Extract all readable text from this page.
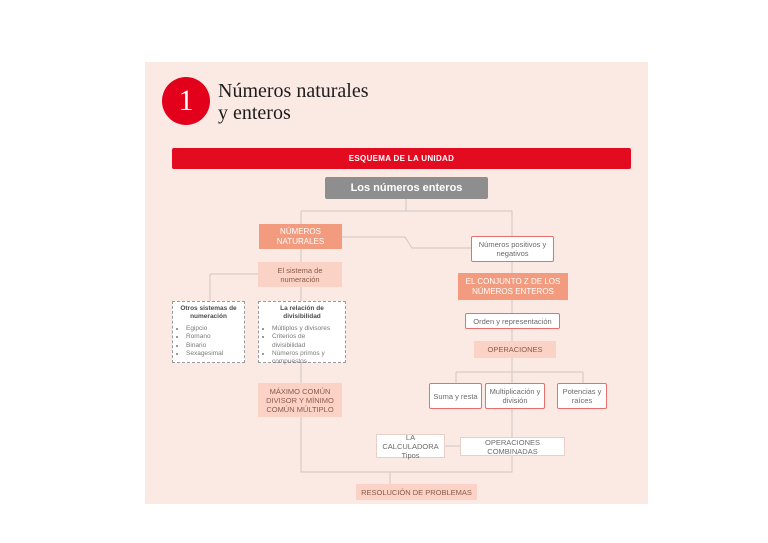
1 Números naturales
y enteros
ESQUEMA DE LA UNIDAD
Los números enteros
NÚMEROS NATURALES	Números positivos y negativos
El sistema de numeración	EL CONJUNTO Z DE LOS NÚMEROS ENTEROS
Orden y representación
OPERACIONES
Otros sistemas de numeración
• Egipcio
• Romano
• Binario
• Sexagesimal
La relación de divisibilidad
• Múltiplos y divisores
• Criterios de divisibilidad
• Números primos y compuestos
Suma y resta	Multiplicación y división
Potencias y raíces
MÁXIMO COMÚN DIVISOR Y MÍNIMO COMÚN MÚLTIPLO
LA CALCULADORA Tipos
OPERACIONES COMBINADAS
RESOLUCIÓN DE PROBLEMAS
